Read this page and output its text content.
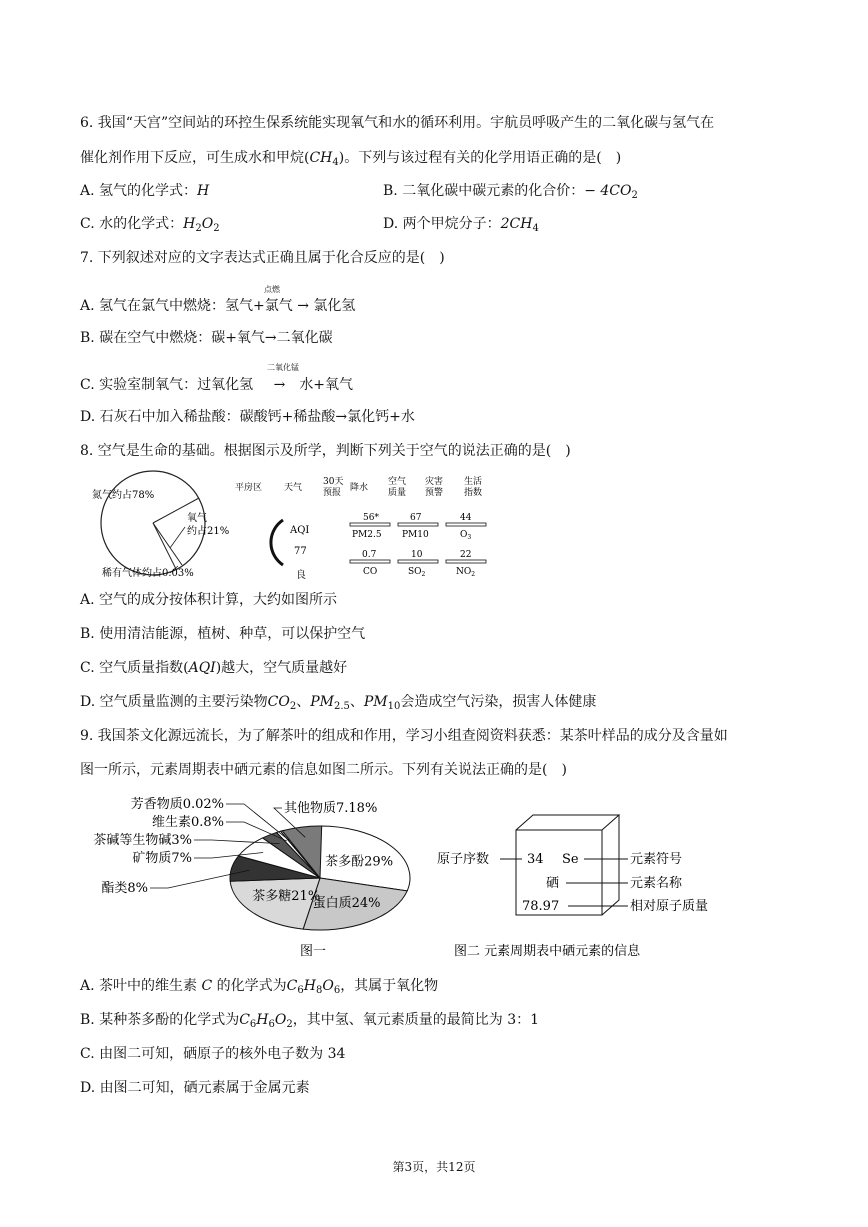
6. 我国“天宫”空间站的环控生保系统能实现氧气和水的循环利用。宇航员呼吸产生的二氧化碳与氢气在
催化剂作用下反应，可生成水和甲烷$(CH_4)$。下列与该过程有关的化学用语正确的是(　)
A. 氢气的化学式：H	B. 二氧化碳中碳元素的化合价：− $4CO_2$
C. 水的化学式：$H_2O_2$	D. 两个甲烷分子：$2CH_4$
7. 下列叙述对应的文字表达式正确且属于化合反应的是(　)
A. 氢气在氯气中燃烧：氢气+氯气 → 氯化氢
点燃
B. 碳在空气中燃烧：碳+氧气→二氧化碳
C. 实验室制氧气：过氧化氢 → 水+氧气
二氧化锰
D. 石灰石中加入稀盐酸：碳酸钙+稀盐酸→氯化钙+水
8. 空气是生命的基础。根据图示及所学，判断下列关于空气的说法正确的是(　)
氮气约占78%
氧气
约占21%
稀有气体约占0.03%
平房区 天气
30天
预报 降水
空气
质量
灾害
预警
生活
指数
AQI
77
良
56*
PM2.5
67
PM10
44
$O_3$
0.7
CO
10
$SO_2$
22
$NO_2$
A. 空气的成分按体积计算，大约如图所示
B. 使用清洁能源，植树、种草，可以保护空气
C. 空气质量指数(AQI)越大，空气质量越好
D. 空气质量监测的主要污染物$CO_2$、$PM_{2.5}$、$PM_{10}$会造成空气污染，损害人体健康
9. 我国茶文化源远流长，为了解茶叶的组成和作用，学习小组查阅资料获悉：某茶叶样品的成分及含量如
图一所示，元素周期表中硒元素的信息如图二所示。下列有关说法正确的是(　)
茶多酚29%
蛋白质24%
茶多糖21%
酯类8%
矿物质7%
茶碱等生物碱3%
维生素0.8%
芳香物质0.02%	其他物质7.18%
图一
原子序数	34 Se	元素符号
硒	元素名称
78.97	相对原子质量
图二 元素周期表中硒元素的信息
A. 茶叶中的维生素 C 的化学式为$C_6H_8O_6$，其属于氧化物
B. 某种茶多酚的化学式为$C_6H_6O_2$，其中氢、氧元素质量的最简比为 3：1
C. 由图二可知，硒原子的核外电子数为 34
D. 由图二可知，硒元素属于金属元素
第3页，共12页
